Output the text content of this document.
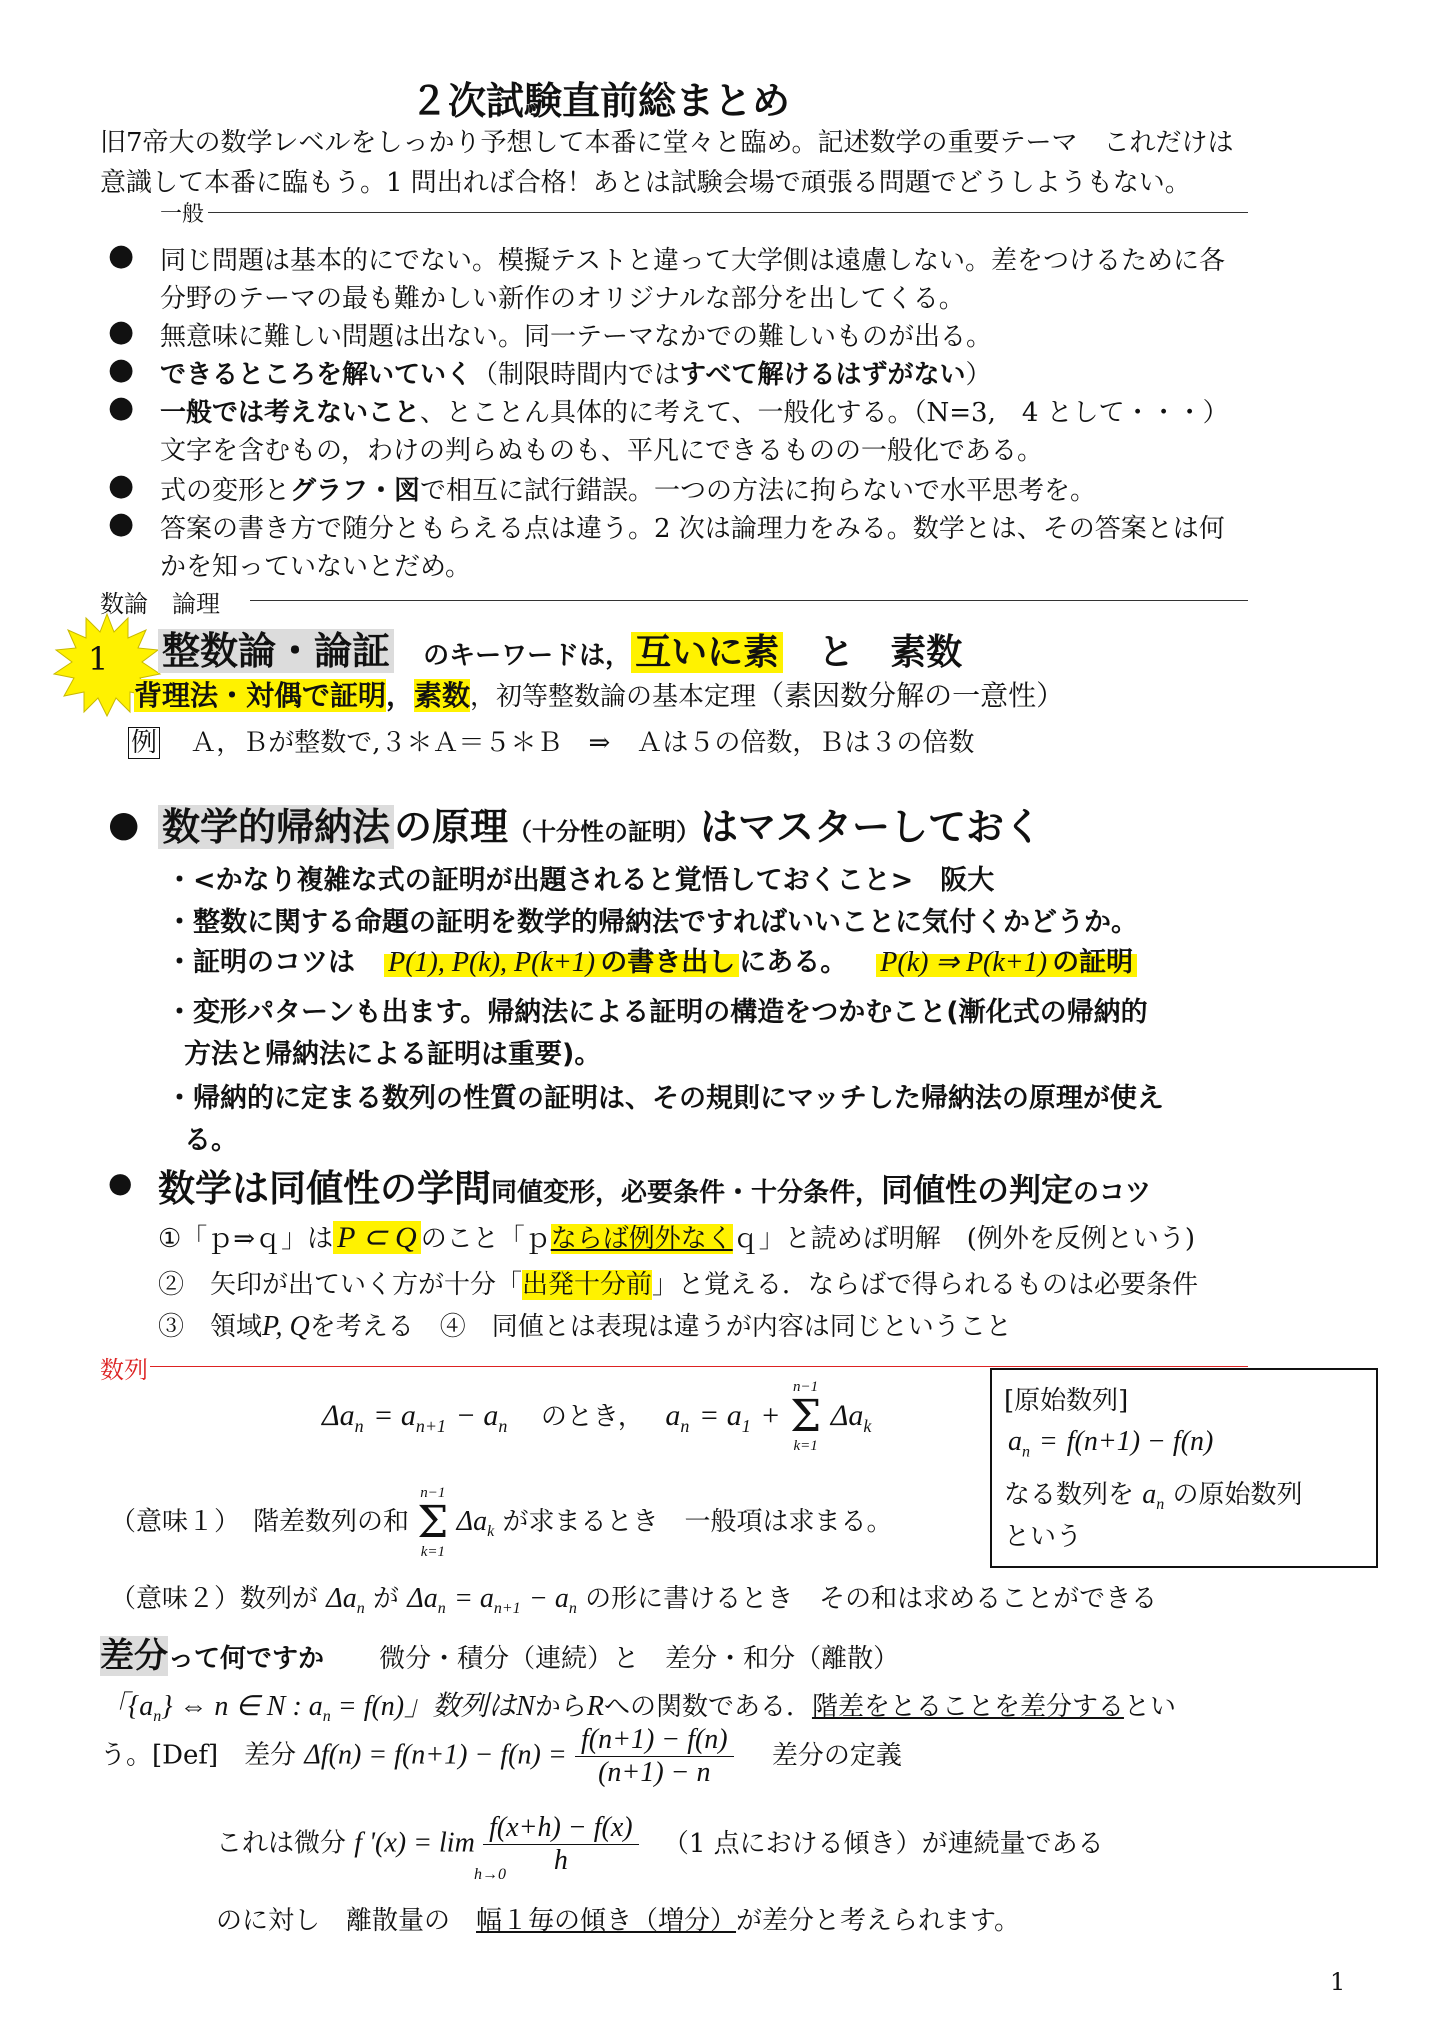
２次試験直前総まとめ
旧7帝大の数学レベルをしっかり予想して本番に堂々と臨め。記述数学の重要テーマ　これだけは
意識して本番に臨もう。1 問出れば合格！あとは試験会場で頑張る問題でどうしようもない。
一般
● 同じ問題は基本的にでない。模擬テストと違って大学側は遠慮しない。差をつけるために各
分野のテーマの最も難かしい新作のオリジナルな部分を出してくる。
● 無意味に難しい問題は出ない。同一テーマなかでの難しいものが出る。
● できるところを解いていく（制限時間内ではすべて解けるはずがない）
● 一般では考えないこと、とことん具体的に考えて、一般化する。（N=3,　4 として・・・）
文字を含むもの，わけの判らぬものも、平凡にできるものの一般化である。
● 式の変形とグラフ・図で相互に試行錯誤。一つの方法に拘らないで水平思考を。
● 答案の書き方で随分ともらえる点は違う。2 次は論理力をみる。数学とは、その答案とは何
かを知っていないとだめ。
数論　論理
1 整数論・論証 のキーワードは， 互いに素 と　素数
背理法・対偶で証明，素数，初等整数論の基本定理（素因数分解の一意性）
例 Ａ，Ｂが整数で,３＊Ａ＝５＊Ｂ　⇒　Ａは５の倍数，Ｂは３の倍数
● 数学的帰納法 の原理（十分性の証明）はマスターしておく
・<かなり複雑な式の証明が出題されると覚悟しておくこと>　阪大
・整数に関する命題の証明を数学的帰納法ですればいいことに気付くかどうか。
・証明のコツは P(1), P(k), P(k+1) の書き出し にある。 P(k) ⇒ P(k+1) の証明
・変形パターンも出ます。帰納法による証明の構造をつかむこと(漸化式の帰納的
方法と帰納法による証明は重要)。
・帰納的に定まる数列の性質の証明は、その規則にマッチした帰納法の原理が使え
る。
● 数学は同値性の学問同値変形，必要条件・十分条件，同値性の判定のコツ
①「ｐ⇒ｑ」は P ⊂ Q のこと「ｐならば例外なくｑ」と読めば明解　(例外を反例という)
②　矢印が出ていく方が十分「出発十分前」と覚える．ならばで得られるものは必要条件
③　領域P, Qを考える　④　同値とは表現は違うが内容は同じということ
数列
$\Delta a_n = a_{n+1} - a_n$ のとき， $a_n = a_1$ +
n−1
Σ
k=1
$\Delta a_k$
（意味１）　階差数列の和
n−1
Σ
k=1
$\Delta a_k$ が求まるとき　一般項は求まる。
[原始数列]
$a_n = f(n+1) - f(n)$
なる数列を $a_n$ の原始数列
という
（意味２）数列が $\Delta a_n$ が $\Delta a_n = a_{n+1} - a_n$ の形に書けるとき　その和は求めることができる
差分って何ですか 微分・積分（連続）と　差分・和分（離散）
「$\{a_n\}$ ⇔ n ∈ N : $a_n = f(n)$」数列はNからRへの関数である．階差をとることを差分するとい
う。[Def]　差分 $\Delta f(n) = f(n+1) - f(n) = \frac{f(n+1) - f(n)}{(n+1) - n}$ 差分の定義
これは微分 f '$(x) = \lim \frac{f(x+h) - f(x)}{h} (1$ 点における傾き）が連続量である
h→0
のに対し　離散量の　幅１毎の傾き（増分）が差分と考えられます。
1
